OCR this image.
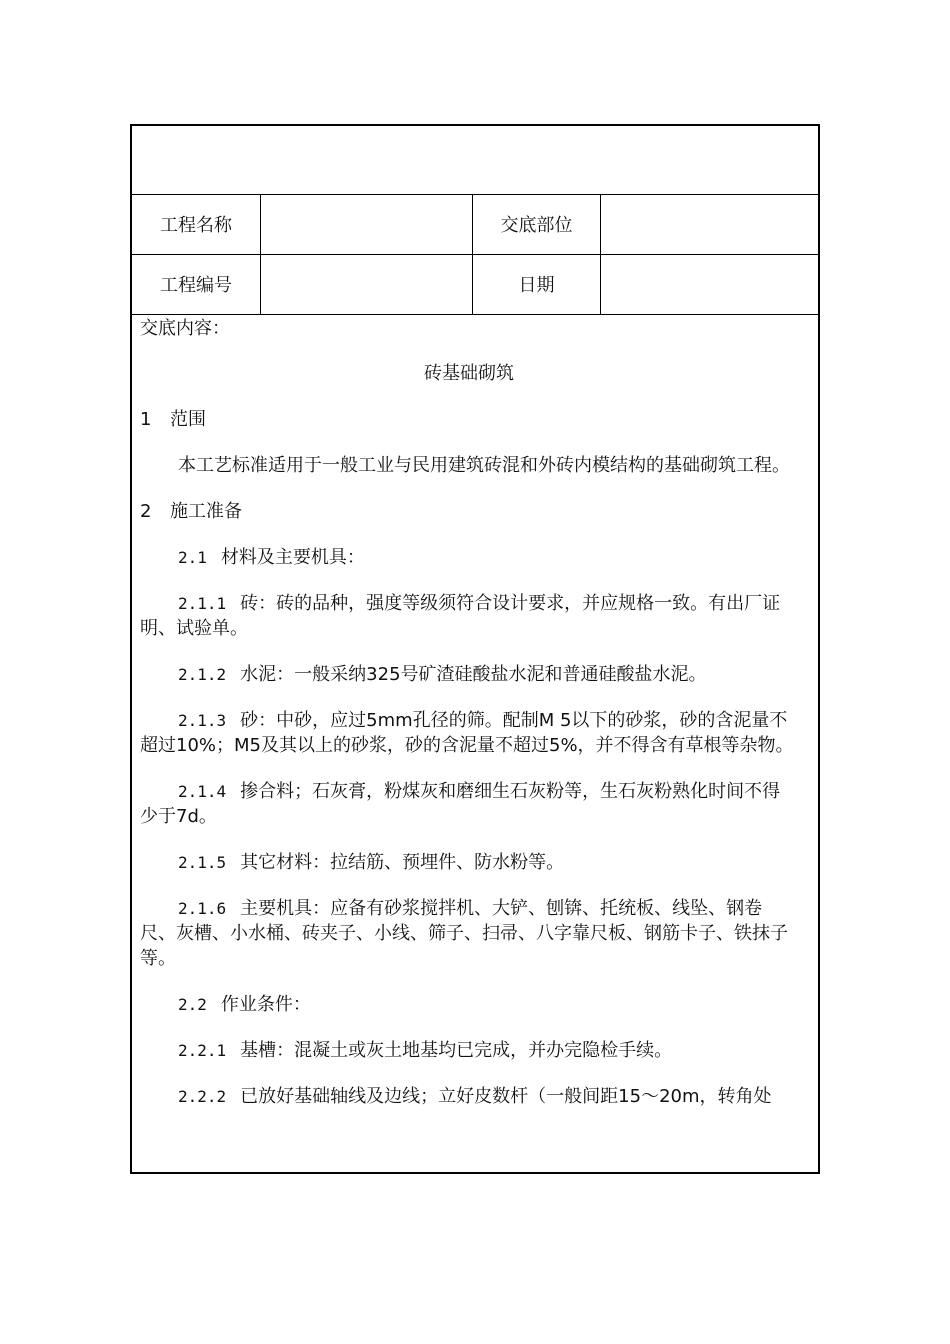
工程名称	交底部位
工程编号	日期

交底内容：

砖基础砌筑

1 范围

本工艺标准适用于一般工业与民用建筑砖混和外砖内模结构的基础砌筑工程。

2 施工准备

2.1 材料及主要机具：

2.1.1 砖：砖的品种，强度等级须符合设计要求，并应规格一致。有出厂证明、试验单。

2.1.2 水泥：一般采纳325号矿渣硅酸盐水泥和普通硅酸盐水泥。

2.1.3 砂：中砂，应过5mm孔径的筛。配制M 5以下的砂浆，砂的含泥量不超过10%；M5及其以上的砂浆，砂的含泥量不超过5%，并不得含有草根等杂物。

2.1.4 掺合料；石灰膏，粉煤灰和磨细生石灰粉等，生石灰粉熟化时间不得少于7d。

2.1.5 其它材料：拉结筋、预埋件、防水粉等。

2.1.6 主要机具：应备有砂浆搅拌机、大铲、刨锛、托统板、线坠、钢卷尺、灰槽、小水桶、砖夹子、小线、筛子、扫帚、八字靠尺板、钢筋卡子、铁抹子等。

2.2 作业条件：

2.2.1 基槽：混凝土或灰土地基均已完成，并办完隐检手续。

2.2.2 已放好基础轴线及边线；立好皮数杆（一般间距15～20m，转角处
